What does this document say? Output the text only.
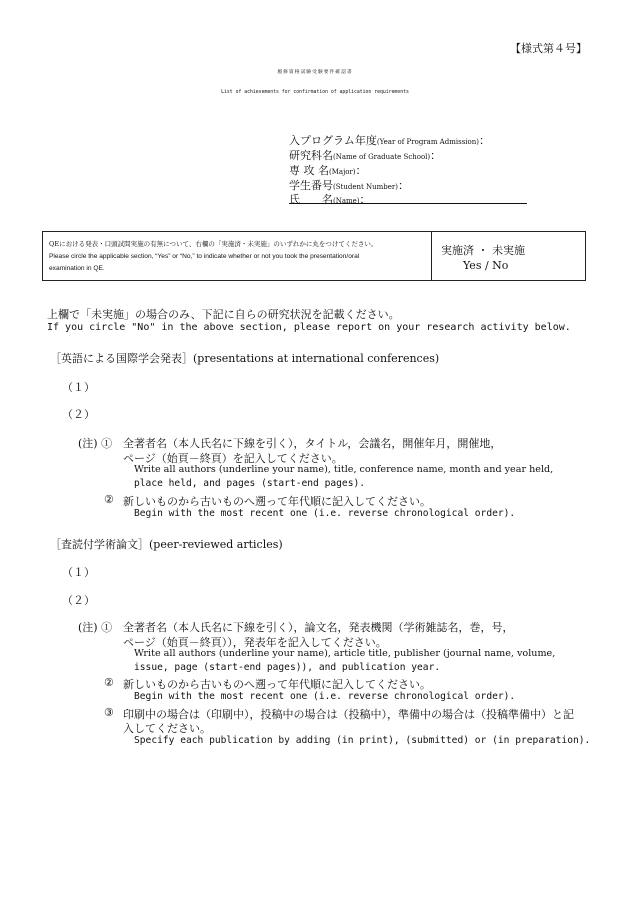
【様式第４号】
履修資格試験受験要件確認書
List of achievements for confirmation of application requirements
入プログラム年度(Year of Program Admission)：
研究科名(Name of Graduate School)：
専 攻 名(Major)：
学生番号(Student Number)：
氏　　名(Name)：
QEにおける発表・口頭試問実施の有無について、右欄の「実施済・未実施」のいずれかに丸をつけてください。
Please circle the applicable section, “Yes” or “No,” to indicate whether or not you took the presentation/oral
examination in QE.
実施済 ・ 未実施
Yes / No
上欄で「未実施」の場合のみ、下記に自らの研究状況を記載ください。
If you circle "No" in the above section, please report on your research activity below.
［英語による国際学会発表］(presentations at international conferences)
（１）
（２）
(注) ① 全著者名（本人氏名に下線を引く），タイトル，会議名，開催年月，開催地，
ページ（始頁－終頁）を記入してください。
Write all authors (underline your name), title, conference name, month and year held,
place held, and pages (start-end pages).
② 新しいものから古いものへ遡って年代順に記入してください。
Begin with the most recent one (i.e. reverse chronological order).
［査読付学術論文］(peer-reviewed articles)
（１）
（２）
(注) ① 全著者名（本人氏名に下線を引く），論文名，発表機関（学術雑誌名，巻，号，
ページ（始頁－終頁）），発表年を記入してください。
Write all authors (underline your name), article title, publisher (journal name, volume,
issue, page (start-end pages)), and publication year.
② 新しいものから古いものへ遡って年代順に記入してください。
Begin with the most recent one (i.e. reverse chronological order).
③ 印刷中の場合は（印刷中），投稿中の場合は（投稿中），準備中の場合は（投稿準備中）と記
入してください。
Specify each publication by adding (in print), (submitted) or (in preparation).
